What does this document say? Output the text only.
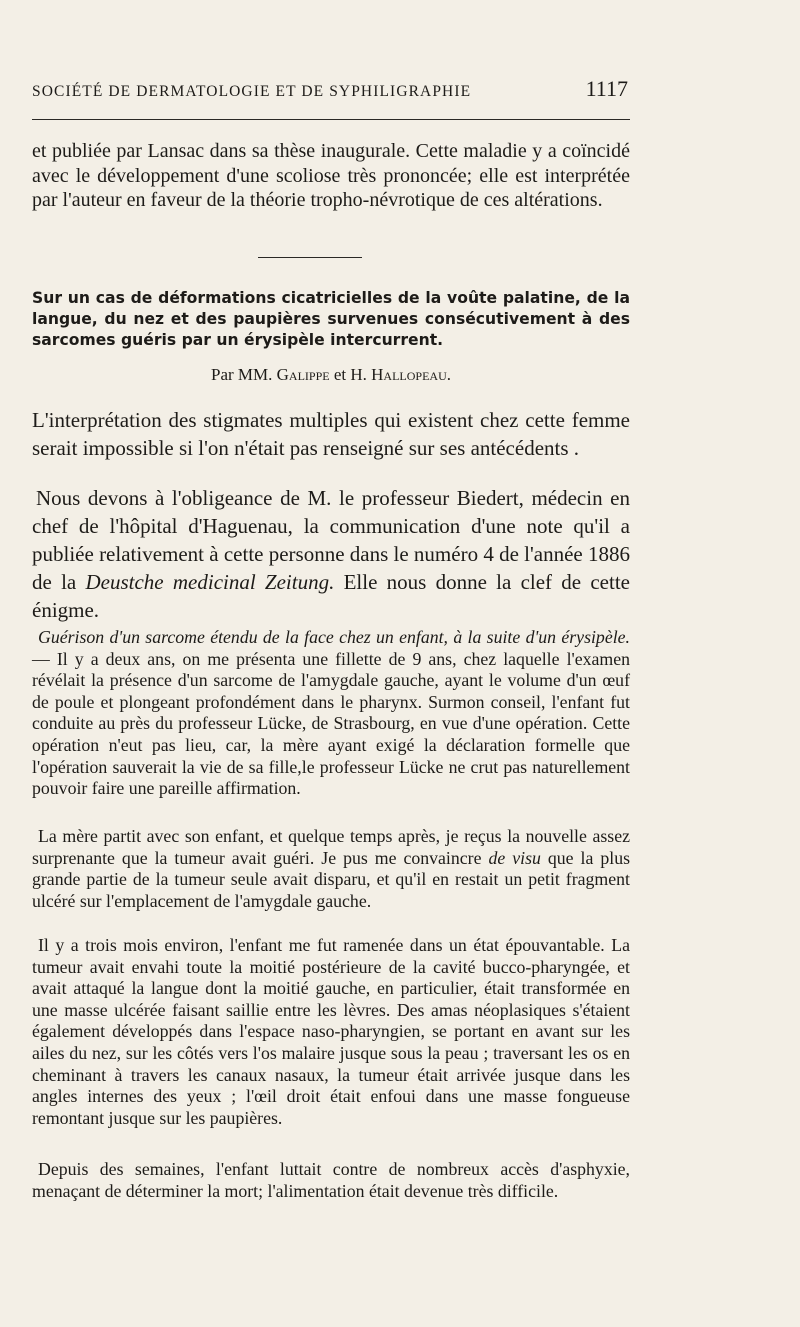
SOCIÉTÉ DE DERMATOLOGIE ET DE SYPHILIGRAPHIE	1117

et publiée par Lansac dans sa thèse inaugurale. Cette maladie y a coïncidé avec le développement d'une scoliose très prononcée; elle est interprétée par l'auteur en faveur de la théorie tropho-névrotique de ces altérations.

Sur un cas de déformations cicatricielles de la voûte palatine, de la langue, du nez et des paupières survenues consécutivement à des sarcomes guéris par un érysipèle intercurrent.

Par MM. Galippe et H. Hallopeau.

L'interprétation des stigmates multiples qui existent chez cette femme serait impossible si l'on n'était pas renseigné sur ses antécédents .

Nous devons à l'obligeance de M. le professeur Biedert, médecin en chef de l'hôpital d'Haguenau, la communication d'une note qu'il a publiée relativement à cette personne dans le numéro 4 de l'année 1886 de la Deustche medicinal Zeitung. Elle nous donne la clef de cette énigme.

Guérison d'un sarcome étendu de la face chez un enfant, à la suite d'un érysipèle. — Il y a deux ans, on me présenta une fillette de 9 ans, chez laquelle l'examen révélait la présence d'un sarcome de l'amygdale gauche, ayant le volume d'un œuf de poule et plongeant profondément dans le pharynx. Surmon conseil, l'enfant fut conduite au près du professeur Lücke, de Strasbourg, en vue d'une opération. Cette opération n'eut pas lieu, car, la mère ayant exigé la déclaration formelle que l'opération sauverait la vie de sa fille,le professeur Lücke ne crut pas naturellement pouvoir faire une pareille affirmation.

La mère partit avec son enfant, et quelque temps après, je reçus la nouvelle assez surprenante que la tumeur avait guéri. Je pus me convaincre de visu que la plus grande partie de la tumeur seule avait disparu, et qu'il en restait un petit fragment ulcéré sur l'emplacement de l'amygdale gauche.

Il y a trois mois environ, l'enfant me fut ramenée dans un état épouvantable. La tumeur avait envahi toute la moitié postérieure de la cavité bucco-pharyngée, et avait attaqué la langue dont la moitié gauche, en particulier, était transformée en une masse ulcérée faisant saillie entre les lèvres. Des amas néoplasiques s'étaient également développés dans l'espace naso-pharyngien, se portant en avant sur les ailes du nez, sur les côtés vers l'os malaire jusque sous la peau ; traversant les os en cheminant à travers les canaux nasaux, la tumeur était arrivée jusque dans les angles internes des yeux ; l'œil droit était enfoui dans une masse fongueuse remontant jusque sur les paupières.

Depuis des semaines, l'enfant luttait contre de nombreux accès d'asphyxie, menaçant de déterminer la mort; l'alimentation était devenue très difficile.
